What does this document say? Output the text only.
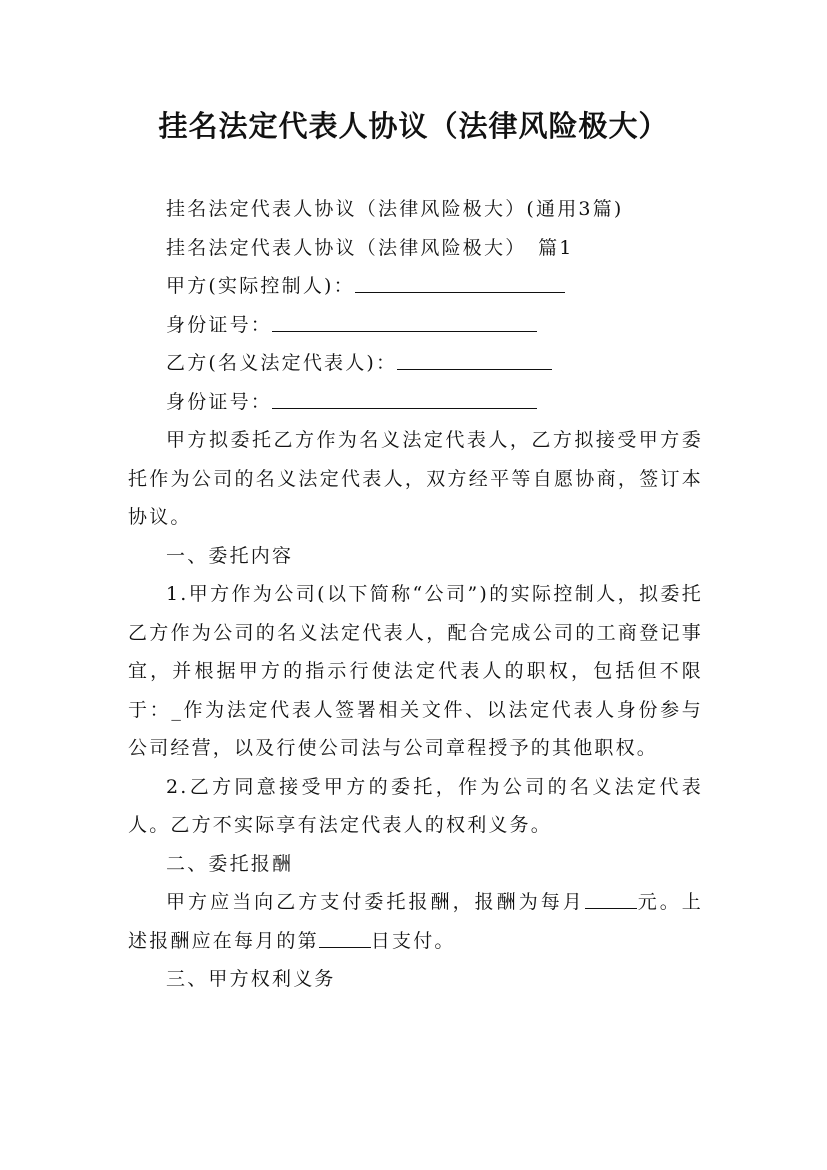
挂名法定代表人协议（法律风险极大）

挂名法定代表人协议（法律风险极大）(通用3篇)

挂名法定代表人协议（法律风险极大）　篇1

甲方(实际控制人)：

身份证号：

乙方(名义法定代表人)：

身份证号：

甲方拟委托乙方作为名义法定代表人，乙方拟接受甲方委托作为公司的名义法定代表人，双方经平等自愿协商，签订本协议。

一、委托内容

1.甲方作为公司(以下简称“公司”)的实际控制人，拟委托乙方作为公司的名义法定代表人，配合完成公司的工商登记事宜，并根据甲方的指示行使法定代表人的职权，包括但不限于：_作为法定代表人签署相关文件、以法定代表人身份参与公司经营，以及行使公司法与公司章程授予的其他职权。

2.乙方同意接受甲方的委托，作为公司的名义法定代表人。乙方不实际享有法定代表人的权利义务。

二、委托报酬

甲方应当向乙方支付委托报酬，报酬为每月	元。上述报酬应在每月的第	日支付。

三、甲方权利义务
